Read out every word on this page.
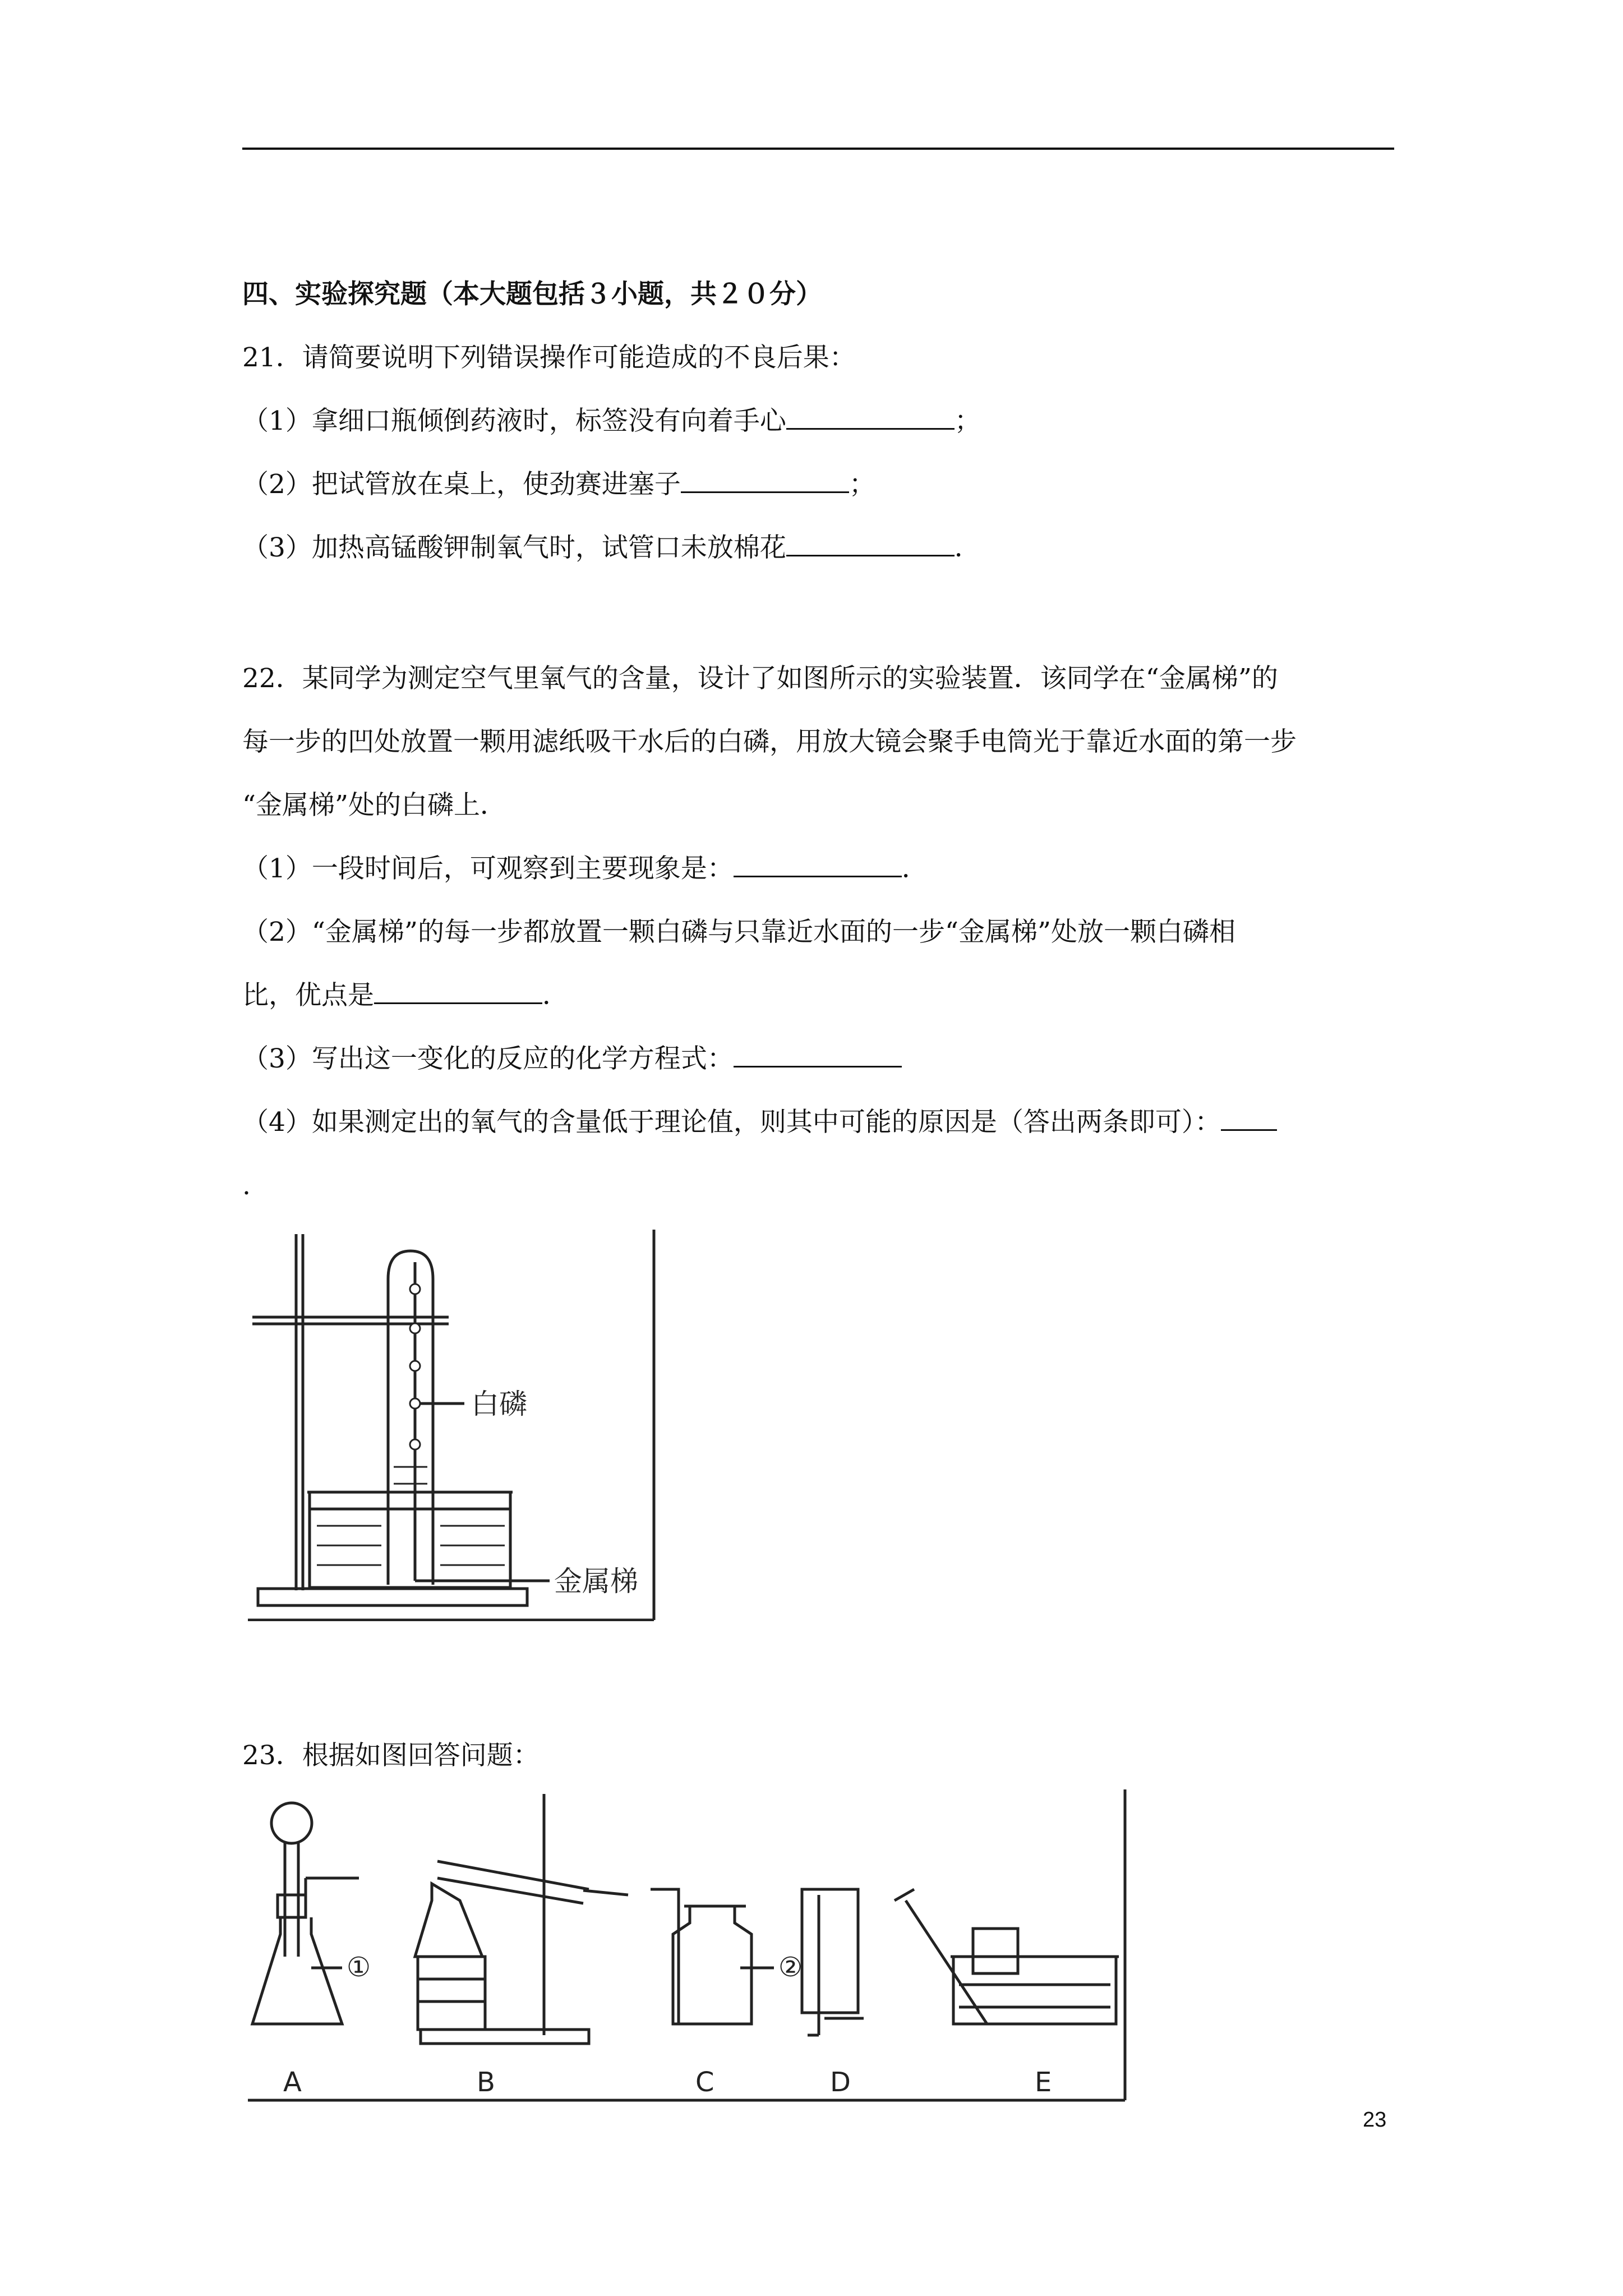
四、实验探究题（本大题包括３小题，共２０分）
21．请简要说明下列错误操作可能造成的不良后果：
（1）拿细口瓶倾倒药液时，标签没有向着手心	；
（2）把试管放在桌上，使劲赛进塞子	；
（3）加热高锰酸钾制氧气时，试管口未放棉花	．
22．某同学为测定空气里氧气的含量，设计了如图所示的实验装置．该同学在“金属梯”的
每一步的凹处放置一颗用滤纸吸干水后的白磷，用放大镜会聚手电筒光于靠近水面的第一步
“金属梯”处的白磷上．
（1）一段时间后，可观察到主要现象是：	．
（2）“金属梯”的每一步都放置一颗白磷与只靠近水面的一步“金属梯”处放一颗白磷相
比，优点是	．
（3）写出这一变化的反应的化学方程式：
（4）如果测定出的氧气的含量低于理论值，则其中可能的原因是（答出两条即可）：
.
白磷
金属梯
23．根据如图回答问题：
①	②
A	B	C	D	E
23
